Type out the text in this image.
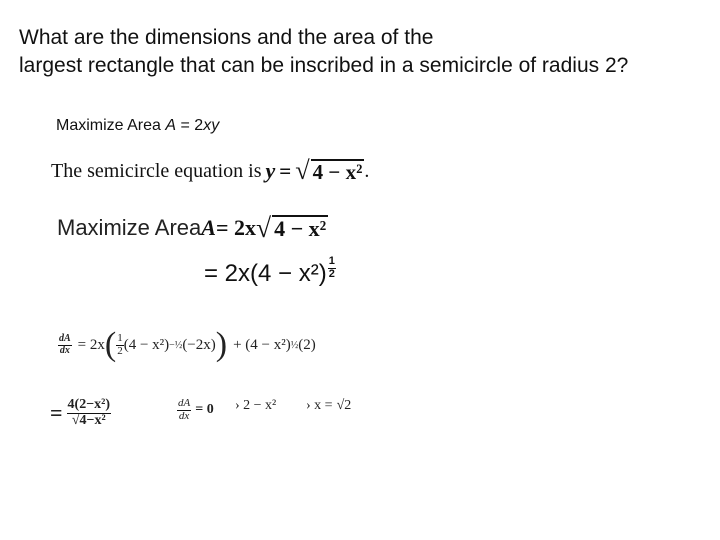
What are the dimensions and the area of the
largest rectangle that can be inscribed in a semicircle of radius 2?
Maximize Area A = 2xy
The semicircle equation is y = √ 4 − x² .
Maximize Area A = 2x √ 4 − x²
= $2x(4 - x^2) \frac{1}{2}$
$\frac{dA}{dx} = 2x$ ( $\frac{1}{2} (4 - x^2)$ −½ (−2x) ) + (4 − x²) ½ (2)
= $\frac{\text{4(2−x²)}}{\text{√4−x²}}$	$\frac{dA}{dx} = 0$ › 2 − x² › x = √2
